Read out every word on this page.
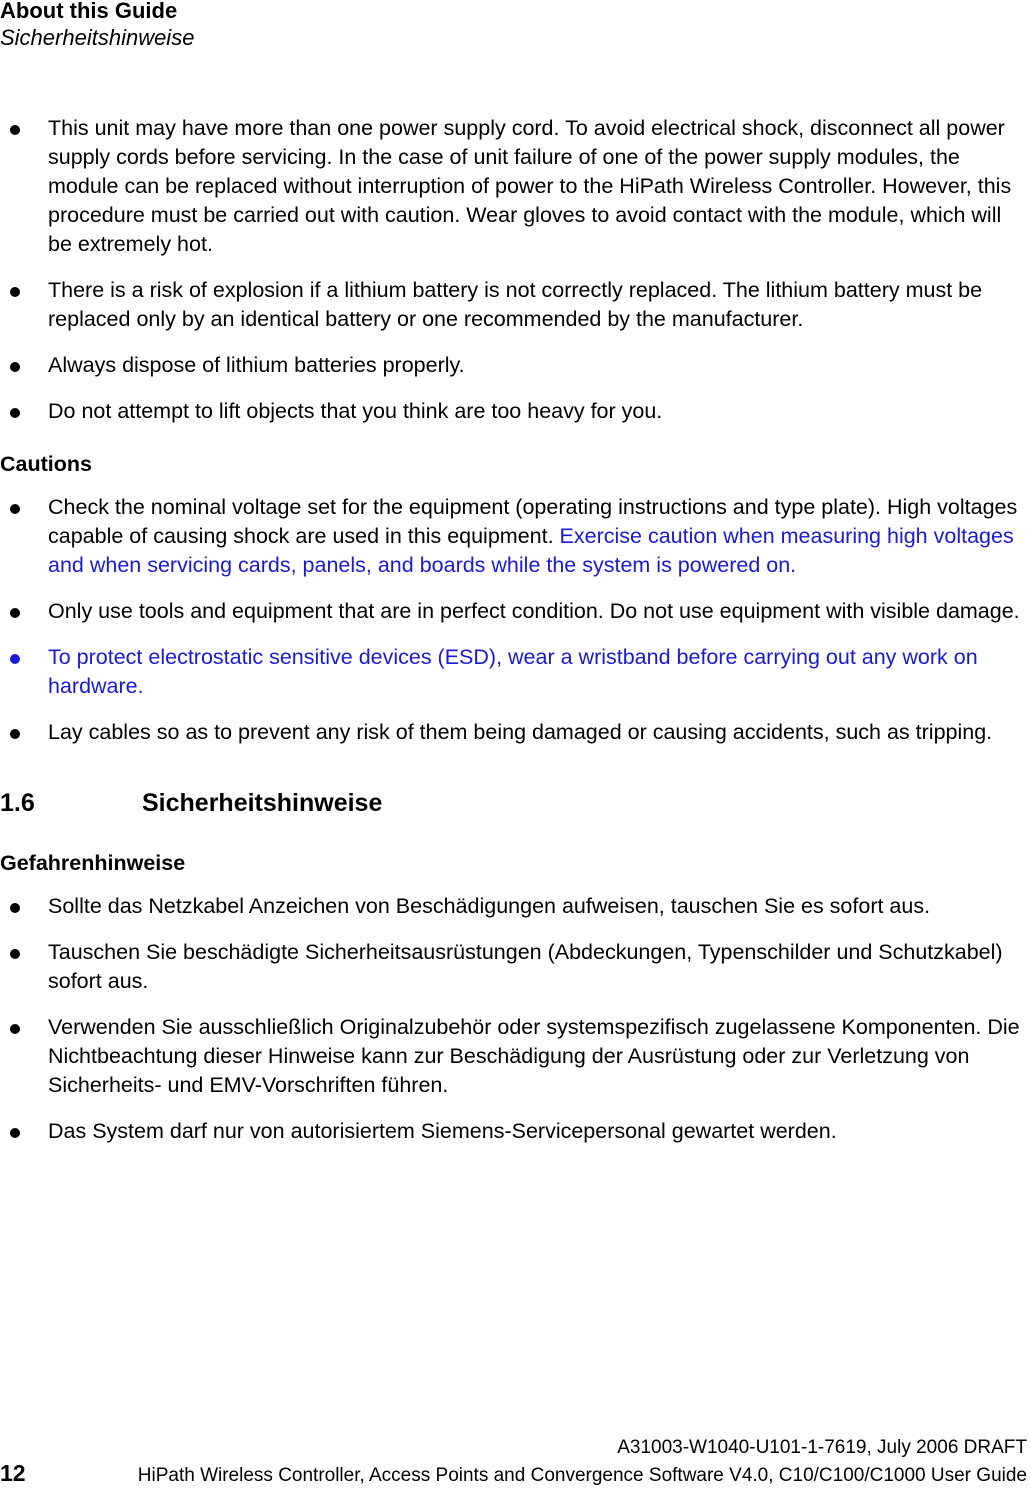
About this Guide

Sicherheitshinweise

This unit may have more than one power supply cord. To avoid electrical shock, disconnect all power supply cords before servicing. In the case of unit failure of one of the power supply modules, the module can be replaced without interruption of power to the HiPath Wireless Controller. However, this procedure must be carried out with caution. Wear gloves to avoid contact with the module, which will be extremely hot.
There is a risk of explosion if a lithium battery is not correctly replaced. The lithium battery must be replaced only by an identical battery or one recommended by the manufacturer.
Always dispose of lithium batteries properly.
Do not attempt to lift objects that you think are too heavy for you.
Cautions
Check the nominal voltage set for the equipment (operating instructions and type plate). High voltages capable of causing shock are used in this equipment. Exercise caution when measuring high voltages and when servicing cards, panels, and boards while the system is powered on.
Only use tools and equipment that are in perfect condition. Do not use equipment with visible damage.
To protect electrostatic sensitive devices (ESD), wear a wristband before carrying out any work on hardware.
Lay cables so as to prevent any risk of them being damaged or causing accidents, such as tripping.
1.6	Sicherheitshinweise
Gefahrenhinweise
Sollte das Netzkabel Anzeichen von Beschädigungen aufweisen, tauschen Sie es sofort aus.
Tauschen Sie beschädigte Sicherheitsausrüstungen (Abdeckungen, Typenschilder und Schutzkabel) sofort aus.
Verwenden Sie ausschließlich Originalzubehör oder systemspezifisch zugelassene Komponenten. Die Nichtbeachtung dieser Hinweise kann zur Beschädigung der Ausrüstung oder zur Verletzung von Sicherheits- und EMV-Vorschriften führen.
Das System darf nur von autorisiertem Siemens-Servicepersonal gewartet werden.
A31003-W1040-U101-1-7619, July 2006 DRAFT
12	HiPath Wireless Controller, Access Points and Convergence Software V4.0, C10/C100/C1000 User Guide
